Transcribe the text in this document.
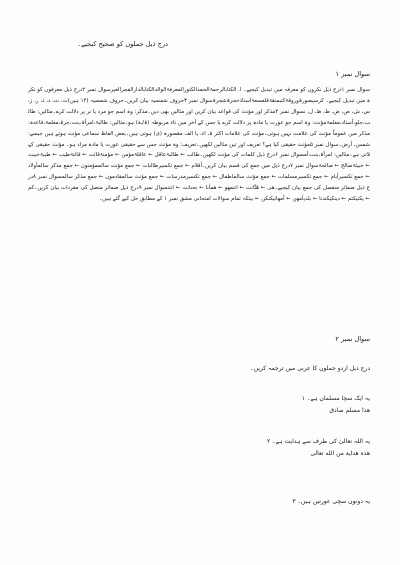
درج ذیل جملوں کو صحیح کیجیے۔
سوال نمبر ۱
سوال نمبر ۱درج ذیل نکروں کو معرفہ میں تبدیل کیجیے۔ ا. الکتابالرحمۃالحمدالکتورالمعرفۃالوالدالکتابالدارالفجرالغیرسوال نمبر ۲درج ذیل معرفوں کو نکرہ میں تبدیل کیجیے۔ کرسیصورۃوروقۃکتبمنقۃقلعسعۃاستاذحجرۃشجرۃسوال نمبر ۳حروف شمسیہ بیان کریں۔حروف شمسیہ (۱۴ ہیں)ت، ث، د، ذ، ر، ز، س، ش، ص، ض، ط، ظ، ل، نسوال نمبر ۴مذکر اور مؤنث کی قواعد بیان کریں اور مثالیں بھی دیں۔مذکر: وہ اسم جو مرد یا نر پر دلالت کرے۔مثالیں: طالب،جلو،اُستاد،معلمۃمؤنث: وہ اسم جو عورت یا مادہ پر دلالت کرے یا جس کے آخر میں تاء مربوطہ (ۃ/ـة) ہو۔مثالیں: طالبۃ،امرأۃ،بنت،جرۃ،معلمۃ،قاعدہ:مذکر میں عموماً مؤنث کی علامت نہیں ہوتی۔مؤنث کی علامات اکثر ۃ، اء، یا الف مقصورہ (ی) ہوتی ہیں۔بعض الفاظ سماعی مؤنث ہوتے ہیں جیسے: شمس، أرض۔سوال نمبر ۵مؤنث حقیقی کیا ہے؟ تعریف اور تین مثالیں لکھیں۔تعریف: وہ مؤنث جس سے حقیقی عورت یا مادہ مراد ہو۔ مؤنث حقیقی کہلاتی ہے۔مثالیں: امرأۃ،بنت،أمسوال نمبر ۶درج ذیل کلمات کی مؤنث لکھیں۔طالب ← طالبۃعاقل ← عاقلۃمؤمن ← مؤمنۃقائت ← قائتۃطیب ← طیبۃخبیث ← خبیثۃصالح ← صالحۃسوال نمبر ۷درج ذیل میں جمع کی قسم بیان کریں۔أقلام ← جمع تکسیرطالبات ← جمع مؤنث سالممؤمنون ← جمع مذکر سالمأولاد ← جمع تکسیرأیام ← جمع تکسیرمسلمات ← جمع مؤنث سالماطفال ← جمع تکسیرمدرسات ← جمع مؤنث سالمقادمون ← جمع مذکر سالمسوال نمبر ۸درج ذیل ضمائر منفصل کی جمع بیان کیجیے۔ھی ← ھُنَّانت ← انتمھو ← ھمأنا ← نحنانت ← انتنسوال نمبر ۹درج ذیل ضمائر متصل کی مفردات بیان کریں۔کم ← یکتیکتم ← دینکیکتدنا ← بلدیأمھن ← أمھاتیکنکن ← بیتکہ تمام سوالات امتحانی مشق نمبر ۱ کے مطابق حل کیے گئے ہیں۔
سوال نمبر ۲
درج ذیل اردو جملوں کا عربی میں ترجمہ کریں۔
یہ ایک سچا مسلمان ہے۔ ۱
هذا مسلم صادق
یہ اللہ تعالیٰ کی طرف سے ہدایت ہے۔ ۲
هذه هداية من الله تعالى
یہ دونوں سچی عورتیں ہیں۔ ۳
